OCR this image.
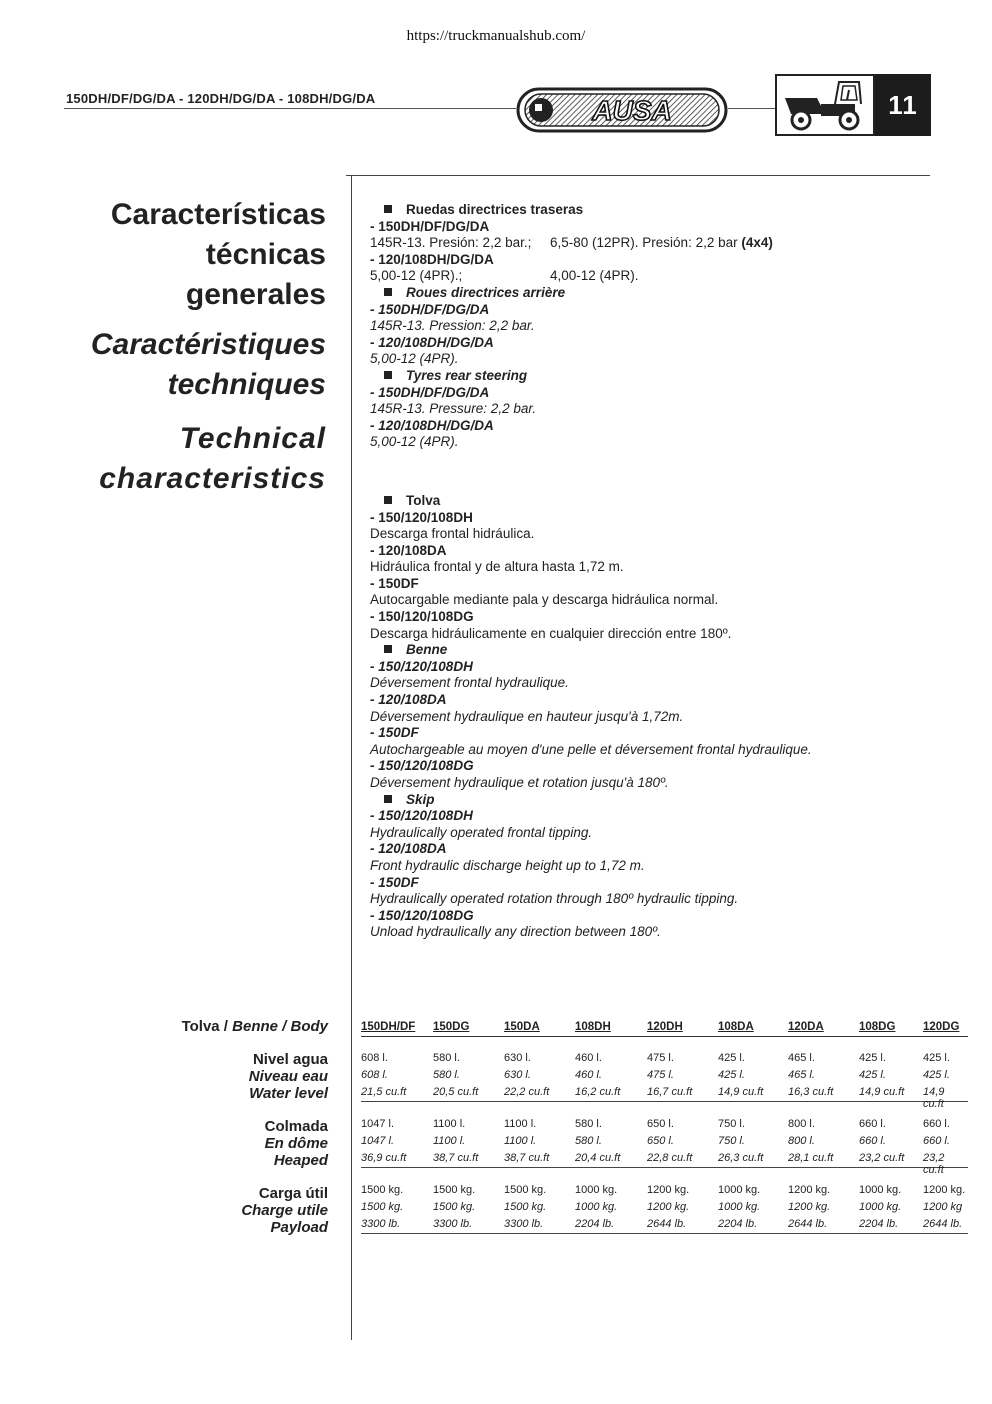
https://truckmanualshub.com/
150DH/DF/DG/DA - 120DH/DG/DA - 108DH/DG/DA	AUSA	11
Características
técnicas
generales
Caractéristiques
techniques
Technical
characteristics
Ruedas directrices traseras
- 150DH/DF/DG/DA
145R-13. Presión: 2,2 bar.;	6,5-80 (12PR). Presión: 2,2 bar (4x4)
- 120/108DH/DG/DA
5,00-12 (4PR).;	4,00-12 (4PR).
Roues directrices arrière
- 150DH/DF/DG/DA
145R-13. Pression: 2,2 bar.
- 120/108DH/DG/DA
5,00-12 (4PR).
Tyres rear steering
- 150DH/DF/DG/DA
145R-13. Pressure: 2,2 bar.
- 120/108DH/DG/DA
5,00-12 (4PR).
Tolva
- 150/120/108DH
Descarga frontal hidráulica.
- 120/108DA
Hidráulica frontal y de altura hasta 1,72 m.
- 150DF
Autocargable mediante pala y descarga hidráulica normal.
- 150/120/108DG
Descarga hidráulicamente en cualquier dirección entre 180º.
Benne
- 150/120/108DH
Déversement frontal hydraulique.
- 120/108DA
Déversement hydraulique en hauteur jusqu'à 1,72m.
- 150DF
Autochargeable au moyen d'une pelle et déversement frontal hydraulique.
- 150/120/108DG
Déversement hydraulique et rotation jusqu'à 180º.
Skip
- 150/120/108DH
Hydraulically operated frontal tipping.
- 120/108DA
Front hydraulic discharge height up to 1,72 m.
- 150DF
Hydraulically operated rotation through 180º hydraulic tipping.
- 150/120/108DG
Unload hydraulically any direction between 180º.
Tolva / Benne / Body
Nivel agua
Niveau eau
Water level
Colmada
En dôme
Heaped
Carga útil
Charge utile
Payload
150DH/DF 150DG	150DA	108DH	120DH	108DA	120DA	108DG 120DG
608 l.	580 l.	630 l.	460 l.	475 l.	425 l.	465 l.	425 l.	425 l.
608 l.	580 l.	630 l.	460 l.	475 l.	425 l.	465 l.	425 l.	425 l.
21,5 cu.ft 20,5 cu.ft 22,2 cu.ft 16,2 cu.ft 16,7 cu.ft 14,9 cu.ft 16,3 cu.ft 14,9 cu.ft 14,9 cu.ft
1047 l.	1100 l.	1100 l.	580 l.	650 l.	750 l.	800 l.	660 l.	660 l.
1047 l.	1100 l.	1100 l.	580 l.	650 l.	750 l.	800 l.	660 l.	660 l.
36,9 cu.ft 38,7 cu.ft 38,7 cu.ft 20,4 cu.ft 22,8 cu.ft 26,3 cu.ft 28,1 cu.ft 23,2 cu.ft 23,2 cu.ft
1500 kg.	1500 kg.	1500 kg.	1000 kg.	1200 kg.	1000 kg.	1200 kg.	1000 kg. 1200 kg.
1500 kg.	1500 kg.	1500 kg.	1000 kg.	1200 kg.	1000 kg.	1200 kg.	1000 kg. 1200 kg
3300 lb.	3300 lb.	3300 lb.	2204 lb.	2644 lb.	2204 lb.	2644 lb.	2204 lb. 2644 lb.
